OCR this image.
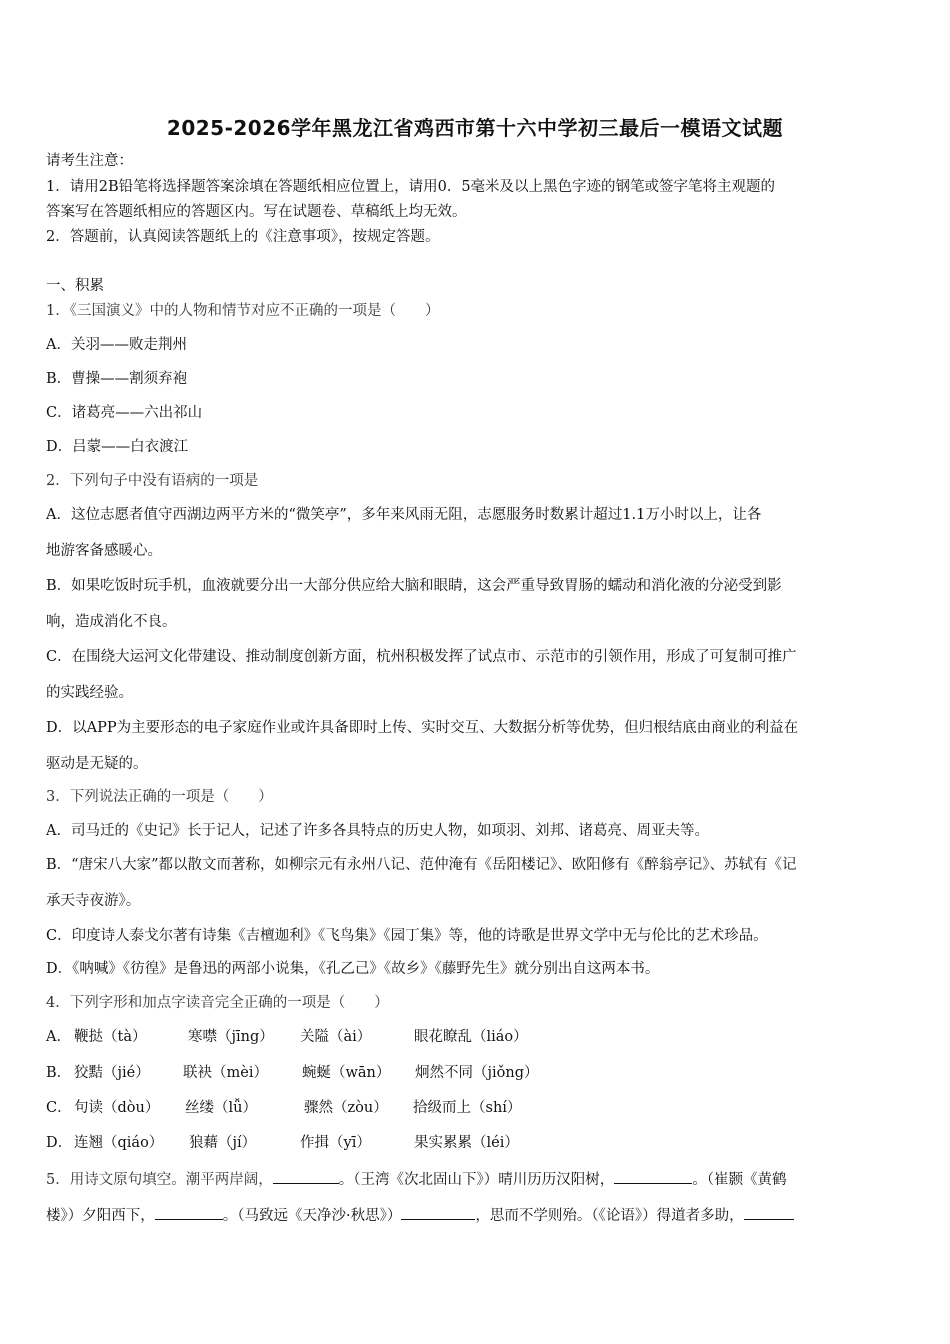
2025-2026学年黑龙江省鸡西市第十六中学初三最后一模语文试题
请考生注意：
1．请用2B铅笔将选择题答案涂填在答题纸相应位置上，请用0．5毫米及以上黑色字迹的钢笔或签字笔将主观题的
答案写在答题纸相应的答题区内。写在试题卷、草稿纸上均无效。
2．答题前，认真阅读答题纸上的《注意事项》，按规定答题。
一、积累
1．《三国演义》中的人物和情节对应不正确的一项是（　　）
A．关羽——败走荆州
B．曹操——割须弃袍
C．诸葛亮——六出祁山
D．吕蒙——白衣渡江
2．下列句子中没有语病的一项是
A．这位志愿者值守西湖边两平方米的“微笑亭”，多年来风雨无阻，志愿服务时数累计超过1.1万小时以上，让各
地游客备感暖心。
B．如果吃饭时玩手机，血液就要分出一大部分供应给大脑和眼睛，这会严重导致胃肠的蠕动和消化液的分泌受到影
响，造成消化不良。
C．在围绕大运河文化带建设、推动制度创新方面，杭州积极发挥了试点市、示范市的引领作用，形成了可复制可推广
的实践经验。
D．以APP为主要形态的电子家庭作业或许具备即时上传、实时交互、大数据分析等优势，但归根结底由商业的利益在
驱动是无疑的。
3．下列说法正确的一项是（　　）
A．司马迁的《史记》长于记人，记述了许多各具特点的历史人物，如项羽、刘邦、诸葛亮、周亚夫等。
B．“唐宋八大家”都以散文而著称，如柳宗元有永州八记、范仲淹有《岳阳楼记》、欧阳修有《醉翁亭记》、苏轼有《记
承天寺夜游》。
C．印度诗人泰戈尔著有诗集《吉檀迦利》《飞鸟集》《园丁集》等，他的诗歌是世界文学中无与伦比的艺术珍品。
D．《呐喊》《彷徨》是鲁迅的两部小说集，《孔乙己》《故乡》《藤野先生》就分别出自这两本书。
4．下列字形和加点字读音完全正确的一项是（　　）
A． 鞭挞（tà）	寒噤（jīng） 关隘（ài）	眼花瞭乱（liáo）
B． 狡黠（jié） 联袂（mèi） 蜿蜒（wān） 炯然不同（jiǒng）
C． 句读（dòu） 丝缕（lǚ）	骤然（zòu） 拾级而上（shí）
D． 连翘（qiáo） 狼藉（jí）	作揖（yī）	果实累累（léi）
5．用诗文原句填空。潮平两岸阔，	。（王湾《次北固山下》）晴川历历汉阳树，	。（崔颢《黄鹤
楼》）夕阳西下，	。（马致远《天净沙·秋思》）	，思而不学则殆。（《论语》）得道者多助，
